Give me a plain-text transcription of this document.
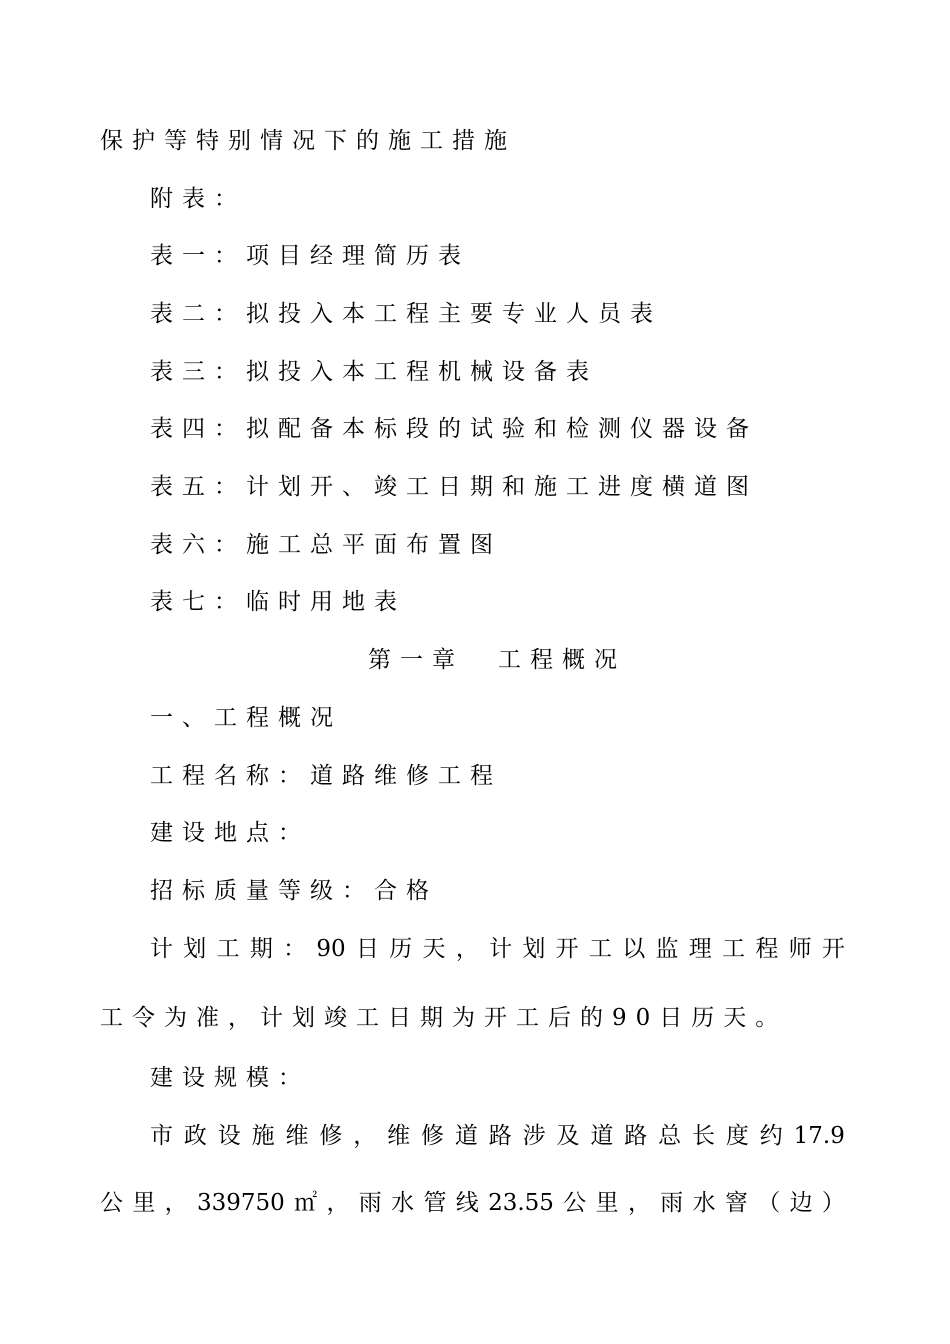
保护等特别情况下的施工措施
附表：
表一：项目经理简历表
表二：拟投入本工程主要专业人员表
表三：拟投入本工程机械设备表
表四：拟配备本标段的试验和检测仪器设备
表五：计划开、竣工日期和施工进度横道图
表六：施工总平面布置图
表七：临时用地表
第一章 工程概况
一、工程概况
工程名称：道路维修工程
建设地点：
招标质量等级：合格
计 划 工 期 ： 90 日 历 天 ， 计 划 开 工 以 监 理 工 程 师 开
工令为准，计划竣工日期为开工后的90日历天。
建设规模：
市 政 设 施 维 修 ， 维 修 道 路 涉 及 道 路 总 长 度 约 17.9
公 里 ， 339750 ㎡ ， 雨 水 管 线 23.55 公 里 ， 雨 水 窨 （ 边 ）
